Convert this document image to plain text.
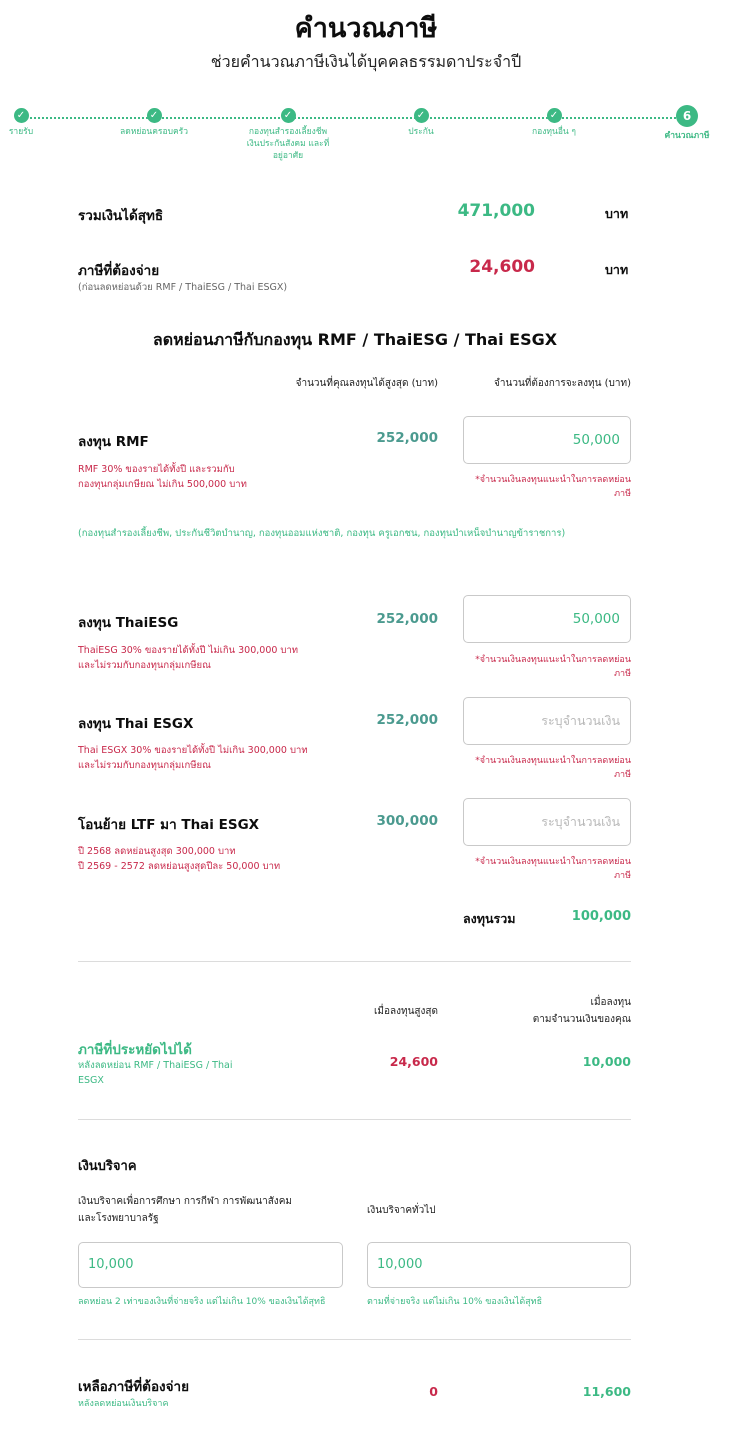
คำนวณภาษี
ช่วยคำนวณภาษีเงินได้บุคคลธรรมดาประจำปี
✓
รายรับ
✓
ลดหย่อนครอบครัว
✓
กองทุนสำรองเลี้ยงชีพ เงินประกันสังคม และที่อยู่อาศัย
✓
ประกัน
✓
กองทุนอื่น ๆ
6
คำนวณภาษี
รวมเงินได้สุทธิ	471,000	บาท
ภาษีที่ต้องจ่าย
(ก่อนลดหย่อนด้วย RMF / ThaiESG / Thai ESGX)
24,600	บาท
ลดหย่อนภาษีกับกองทุน RMF / ThaiESG / Thai ESGX
จำนวนที่คุณลงทุนได้สูงสุด (บาท)	จำนวนที่ต้องการจะลงทุน (บาท)
ลงทุน RMF
RMF 30% ของรายได้ทั้งปี และรวมกับ
กองทุนกลุ่มเกษียณ ไม่เกิน 500,000 บาท
252,000	50,000
*จำนวนเงินลงทุนแนะนำในการลดหย่อนภาษี
(กองทุนสำรองเลี้ยงชีพ, ประกันชีวิตบำนาญ, กองทุนออมแห่งชาติ, กองทุน ครูเอกชน, กองทุนบำเหน็จบำนาญข้าราชการ)
ลงทุน ThaiESG
ThaiESG 30% ของรายได้ทั้งปี ไม่เกิน 300,000 บาท
และไม่รวมกับกองทุนกลุ่มเกษียณ
252,000	50,000
*จำนวนเงินลงทุนแนะนำในการลดหย่อนภาษี
ลงทุน Thai ESGX
Thai ESGX 30% ของรายได้ทั้งปี ไม่เกิน 300,000 บาท
และไม่รวมกับกองทุนกลุ่มเกษียณ
252,000	ระบุจำนวนเงิน
*จำนวนเงินลงทุนแนะนำในการลดหย่อนภาษี
โอนย้าย LTF มา Thai ESGX
ปี 2568 ลดหย่อนสูงสุด 300,000 บาท
ปี 2569 - 2572 ลดหย่อนสูงสุดปีละ 50,000 บาท
300,000	ระบุจำนวนเงิน
*จำนวนเงินลงทุนแนะนำในการลดหย่อนภาษี
ลงทุนรวม	100,000
เมื่อลงทุนสูงสุด
เมื่อลงทุน
ตามจำนวนเงินของคุณ
ภาษีที่ประหยัดไปได้
หลังลดหย่อน RMF / ThaiESG / Thai ESGX
24,600	10,000
เงินบริจาค
เงินบริจาคเพื่อการศึกษา การกีฬา การพัฒนาสังคม
และโรงพยาบาลรัฐ
เงินบริจาคทั่วไป
10,000	10,000
ลดหย่อน 2 เท่าของเงินที่จ่ายจริง แต่ไม่เกิน 10% ของเงินได้สุทธิ	ตามที่จ่ายจริง แต่ไม่เกิน 10% ของเงินได้สุทธิ
เหลือภาษีที่ต้องจ่าย
หลังลดหย่อนเงินบริจาค
0	11,600
